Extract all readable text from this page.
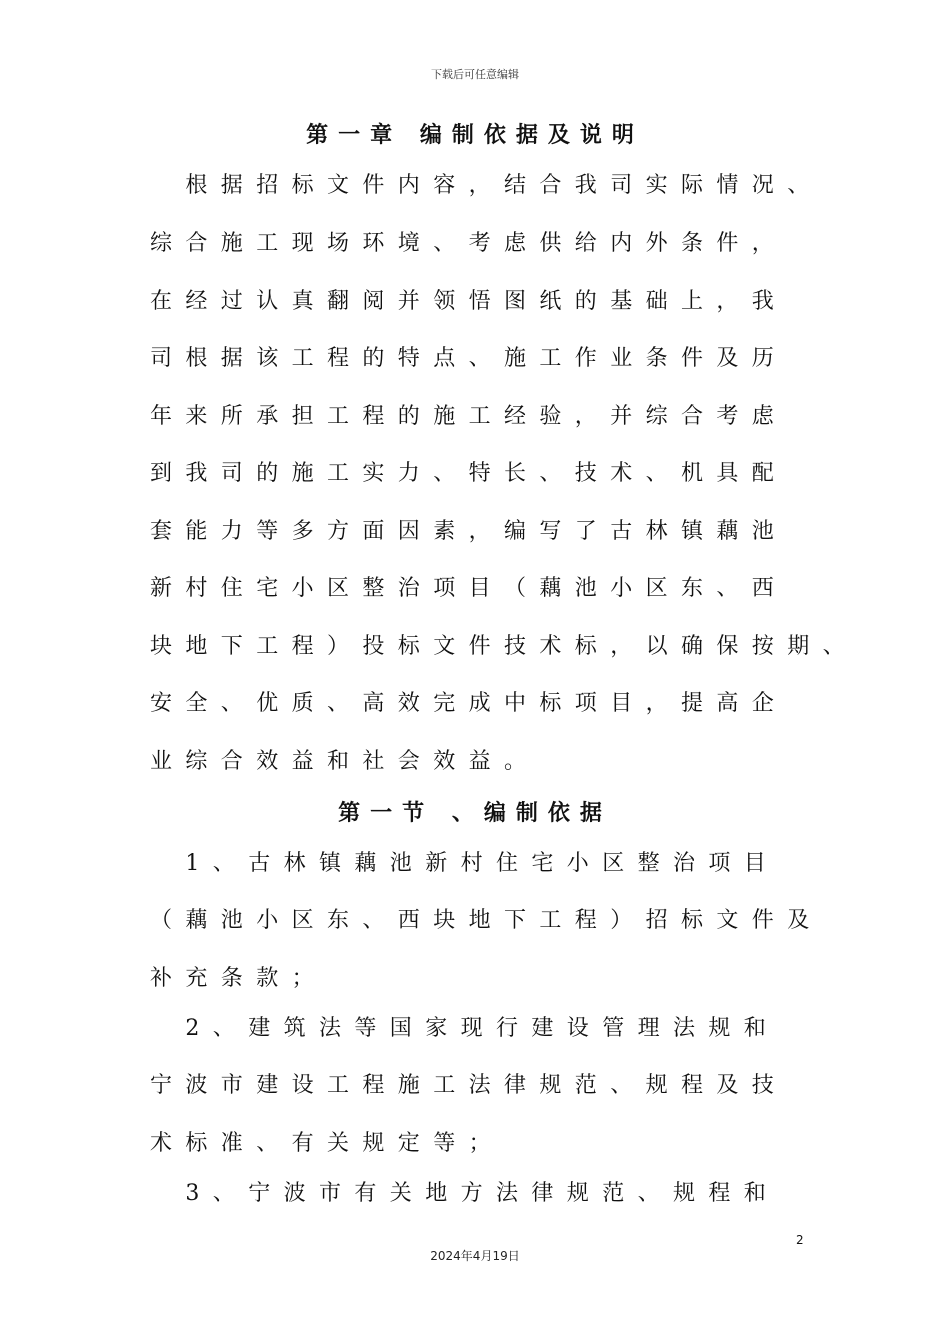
下载后可任意编辑
第一章 编制依据及说明
　根据招标文件内容，结合我司实际情况、
综合施工现场环境、考虑供给内外条件，
在经过认真翻阅并领悟图纸的基础上，我
司根据该工程的特点、施工作业条件及历
年来所承担工程的施工经验，并综合考虑
到我司的施工实力、特长、技术、机具配
套能力等多方面因素，编写了古林镇藕池
新村住宅小区整治项目（藕池小区东、西
块地下工程）投标文件技术标，以确保按期、
安全、优质、高效完成中标项目，提高企
业综合效益和社会效益。
第一节 、编制依据
　1、古林镇藕池新村住宅小区整治项目
（藕池小区东、西块地下工程）招标文件及
补充条款；
　2、建筑法等国家现行建设管理法规和
宁波市建设工程施工法律规范、规程及技
术标准、有关规定等；
　3、宁波市有关地方法律规范、规程和
2
2024年4月19日
